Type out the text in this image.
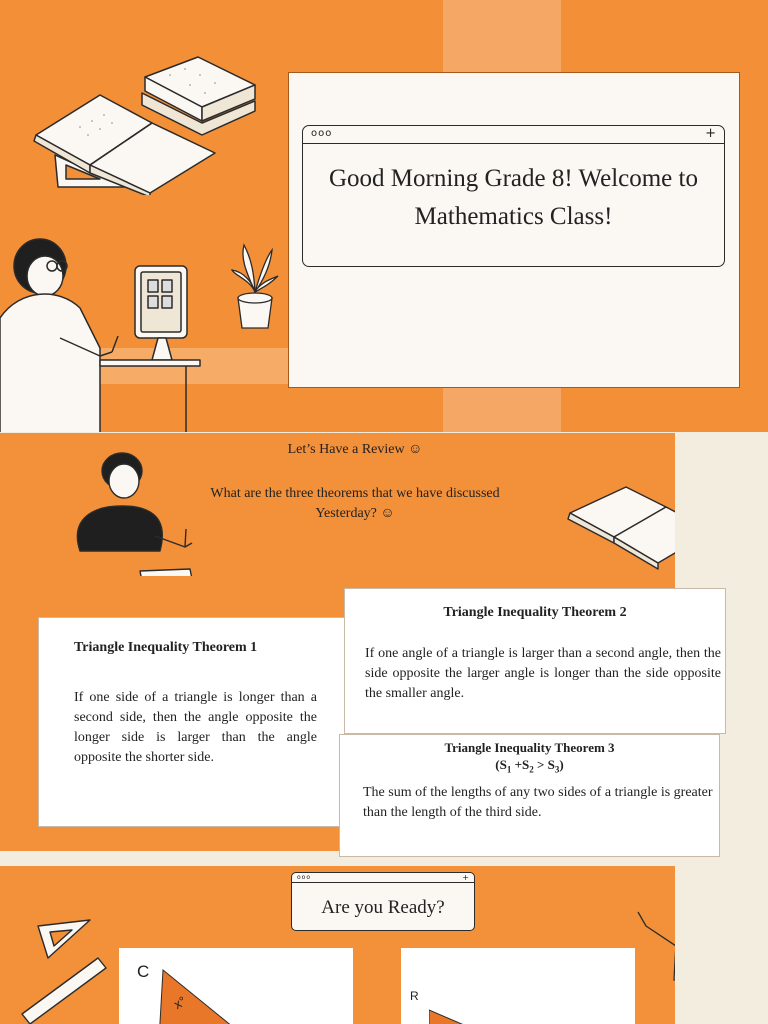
ooo	+
Good Morning Grade 8! Welcome to Mathematics Class!
Let’s Have a Review ☺
What are the three theorems that we have discussed Yesterday? ☺
Triangle Inequality Theorem 1

If one side of a triangle is longer than a second side, then the angle opposite the longer side is larger than the angle opposite the shorter side.

Triangle Inequality Theorem 2

If one angle of a triangle is larger than a second angle, then the side opposite the larger angle is longer than the side opposite the smaller angle.

Triangle Inequality Theorem 3
$(S_1 +S_2 > S_3)$

The sum of the lengths of any two sides of a triangle is greater than the length of the third side.

ooo	+
Are you Ready?
C
R
x°
